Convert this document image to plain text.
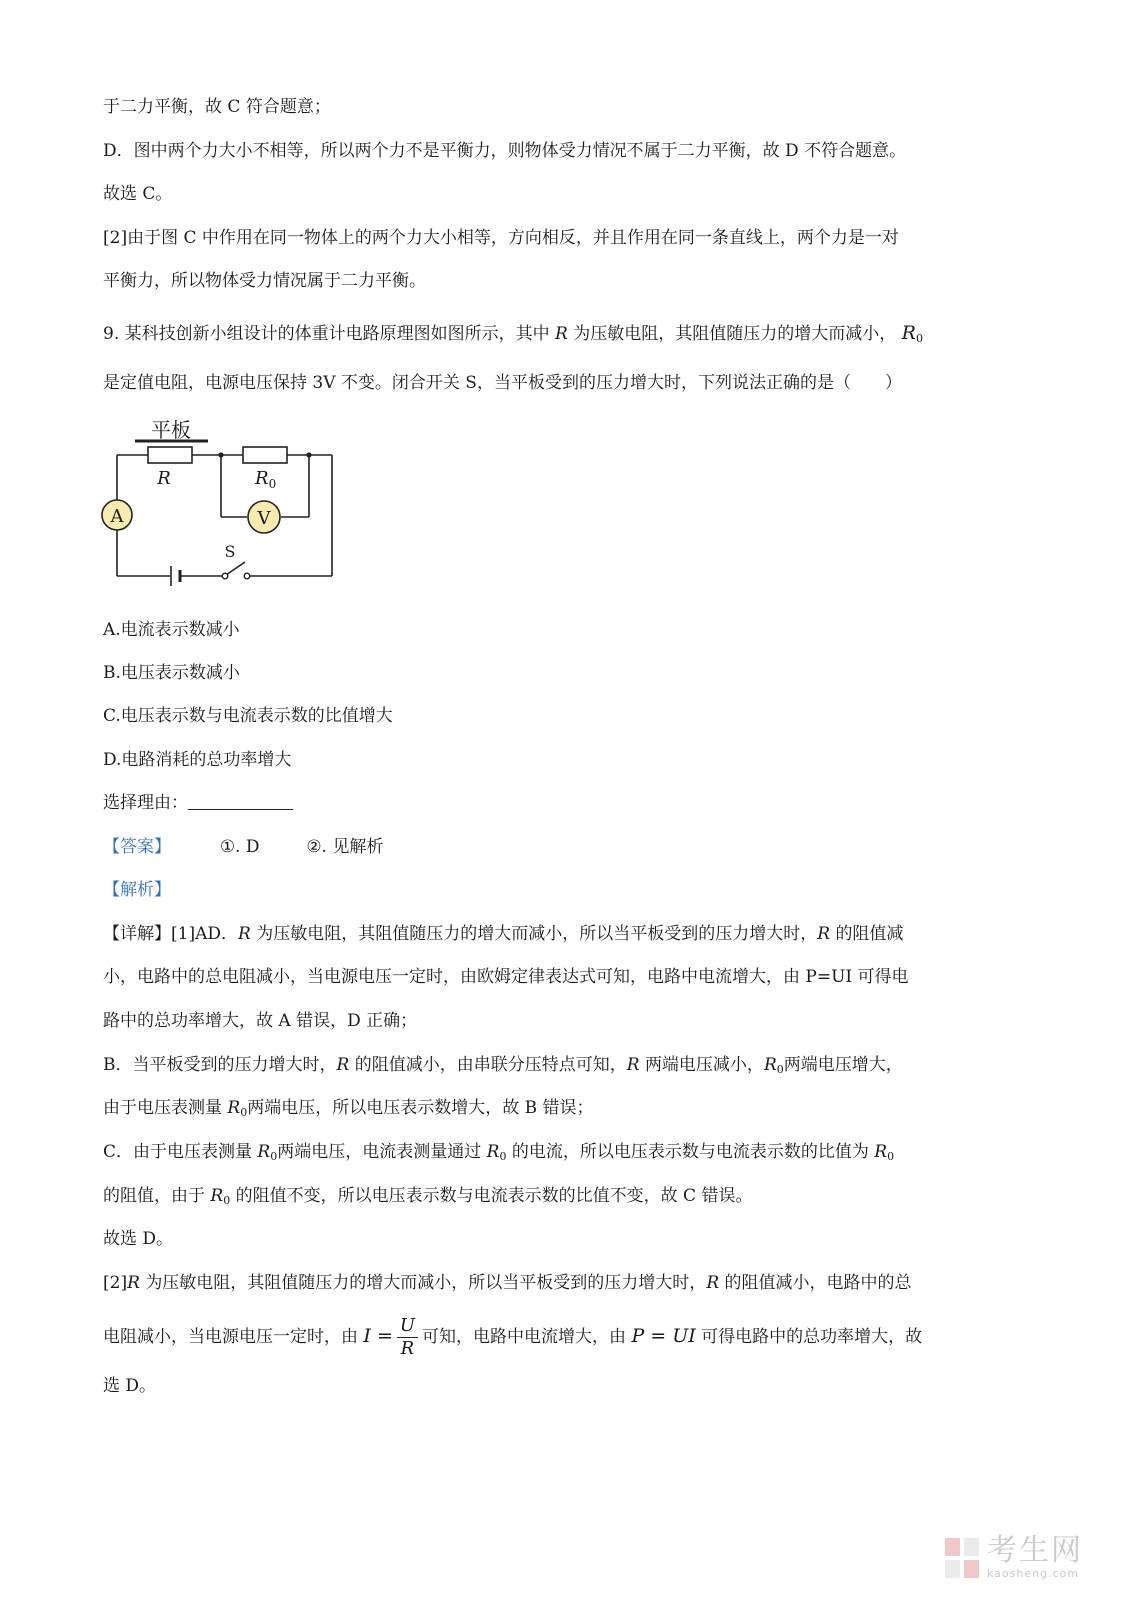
于二力平衡，故 C 符合题意；
D．图中两个力大小不相等，所以两个力不是平衡力，则物体受力情况不属于二力平衡，故 D 不符合题意。
故选 C。
[2]由于图 C 中作用在同一物体上的两个力大小相等，方向相反，并且作用在同一条直线上，两个力是一对
平衡力，所以物体受力情况属于二力平衡。
9. 某科技创新小组设计的体重计电路原理图如图所示，其中 R 为压敏电阻，其阻值随压力的增大而减小， $R_0$
是定值电阻，电源电压保持 3V 不变。闭合开关 S，当平板受到的压力增大时，下列说法正确的是（　　）
A	V
平板
R	$R_0$
S
A.电流表示数减小
B.电压表示数减小
C.电压表示数与电流表示数的比值增大
D.电路消耗的总功率增大
选择理由：
【答案】	①. D	②. 见解析
【解析】
【详解】[1]AD．R 为压敏电阻，其阻值随压力的增大而减小，所以当平板受到的压力增大时，R 的阻值减
小，电路中的总电阻减小，当电源电压一定时，由欧姆定律表达式可知，电路中电流增大，由 P=UI 可得电
路中的总功率增大，故 A 错误，D 正确；
B．当平板受到的压力增大时，R 的阻值减小，由串联分压特点可知，R 两端电压减小，$R_0$两端电压增大，
由于电压表测量 $R_0$两端电压，所以电压表示数增大，故 B 错误；
C．由于电压表测量 $R_0$两端电压，电流表测量通过 $R_0$ 的电流，所以电压表示数与电流表示数的比值为 $R_0$
的阻值，由于 $R_0$ 的阻值不变，所以电压表示数与电流表示数的比值不变，故 C 错误。
故选 D。
[2]R 为压敏电阻，其阻值随压力的增大而减小，所以当平板受到的压力增大时，R 的阻值减小，电路中的总
电阻减小，当电源电压一定时，由 $I = \frac{U}{R}$ 可知，电路中电流增大，由 P = UI 可得电路中的总功率增大，故
选 D。
考生网
kaosheng.com
